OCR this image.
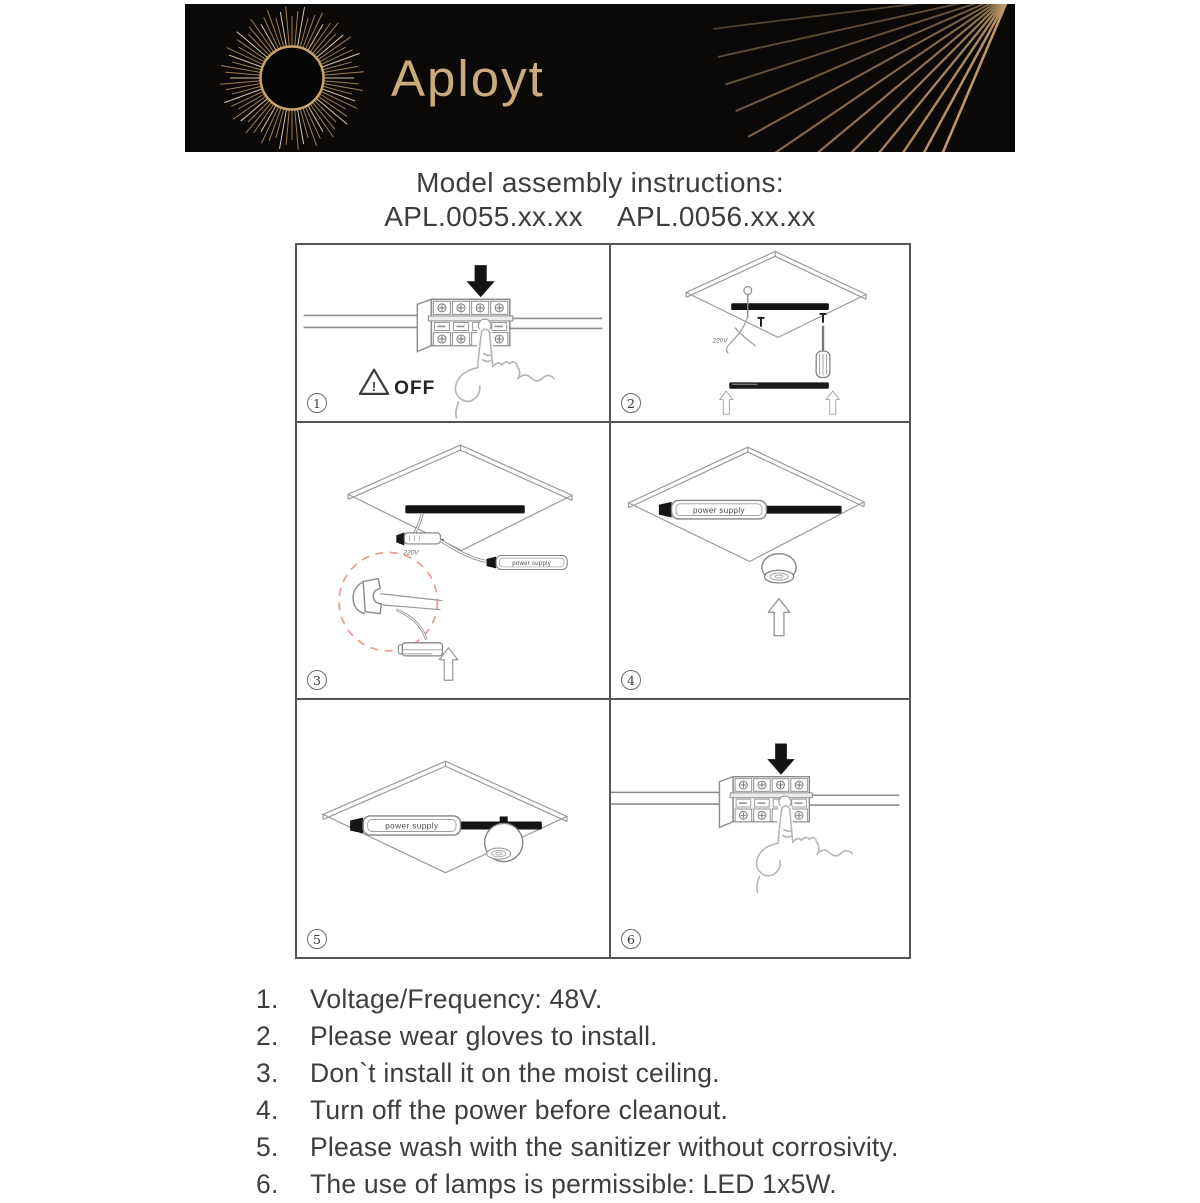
Aployt
Model assembly instructions:
APL.0055.xx.xx APL.0056.xx.xx
! OFF
1
220V
2
220V
3	4
5	6
1.	Voltage/Frequency: 48V.
2.	Please wear gloves to install.
3.	Don`t install it on the moist ceiling.
4.	Turn off the power before cleanout.
5.	Please wash with the sanitizer without corrosivity.
6.	The use of lamps is permissible: LED 1x5W.
